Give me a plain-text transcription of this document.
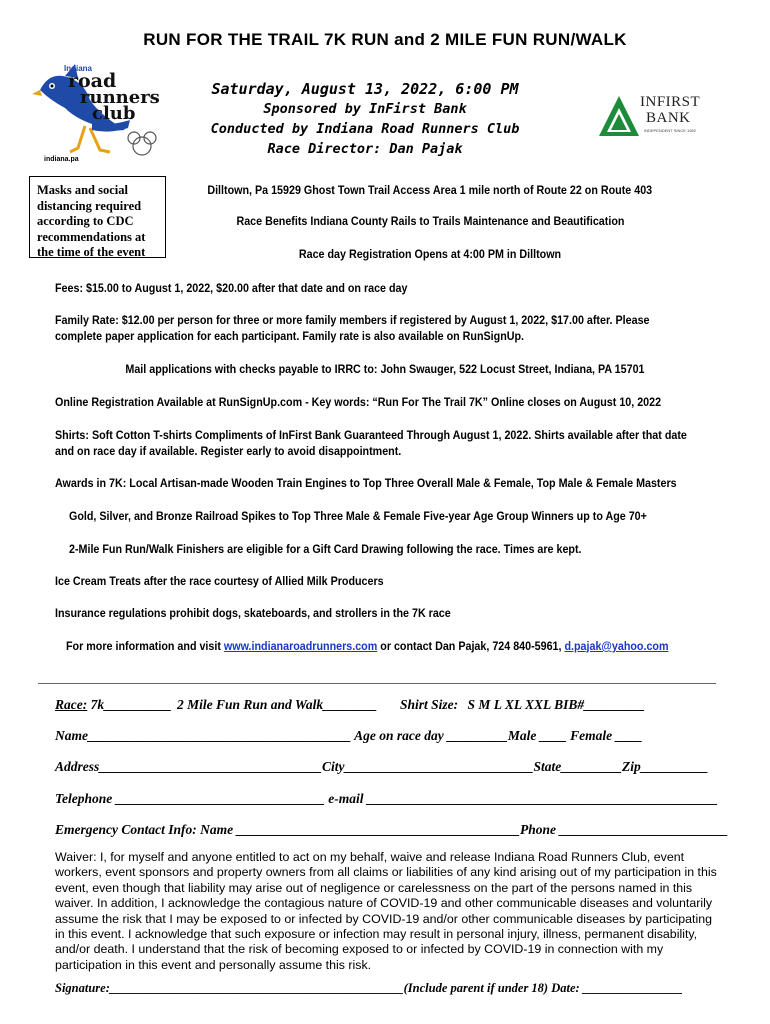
RUN FOR THE TRAIL 7K RUN and 2 MILE FUN RUN/WALK
Indiana
road
runners
club
indiana.pa
Saturday, August 13, 2022, 6:00 PM
Sponsored by InFirst Bank
Conducted by Indiana Road Runners Club
Race Director: Dan Pajak
INFIRST
BANK
INDEPENDENT SINCE 1982
Masks and social distancing required according to CDC recommendations at the time of the event
Dilltown, Pa 15929 Ghost Town Trail Access Area 1 mile north of Route 22 on Route 403
Race Benefits Indiana County Rails to Trails Maintenance and Beautification
Race day Registration Opens at 4:00 PM in Dilltown
Fees: $15.00 to August 1, 2022, $20.00 after that date and on race day
Family Rate: $12.00 per person for three or more family members if registered by August 1, 2022, $17.00 after. Please complete paper application for each participant. Family rate is also available on RunSignUp.
Mail applications with checks payable to IRRC to: John Swauger, 522 Locust Street, Indiana, PA 15701
Online Registration Available at RunSignUp.com - Key words: “Run For The Trail 7K” Online closes on August 10, 2022
Shirts: Soft Cotton T-shirts Compliments of InFirst Bank Guaranteed Through August 1, 2022. Shirts available after that date and on race day if available. Register early to avoid disappointment.
Awards in 7K: Local Artisan-made Wooden Train Engines to Top Three Overall Male & Female, Top Male & Female Masters
Gold, Silver, and Bronze Railroad Spikes to Top Three Male & Female Five-year Age Group Winners up to Age 70+
2-Mile Fun Run/Walk Finishers are eligible for a Gift Card Drawing following the race. Times are kept.
Ice Cream Treats after the race courtesy of Allied Milk Producers
Insurance regulations prohibit dogs, skateboards, and strollers in the 7K race
For more information and visit www.indianaroadrunners.com or contact Dan Pajak, 724 840-5961, d.pajak@yahoo.com
Race: 7k__________ 2 Mile Fun Run and Walk________ Shirt Size: S M L XL XXL BIB#_________
Name_______________________________________ Age on race day _________Male ____ Female ____
Address_________________________________City____________________________State_________Zip__________
Telephone _______________________________ e-mail ____________________________________________________
Emergency Contact Info: Name __________________________________________Phone _________________________
Waiver: I, for myself and anyone entitled to act on my behalf, waive and release Indiana Road Runners Club, event workers, event sponsors and property owners from all claims or liabilities of any kind arising out of my participation in this event, even though that liability may arise out of negligence or carelessness on the part of the persons named in this waiver. In addition, I acknowledge the contagious nature of COVID-19 and other communicable diseases and voluntarily assume the risk that I may be exposed to or infected by COVID-19 and/or other communicable diseases by participating in this event. I acknowledge that such exposure or infection may result in personal injury, illness, permanent disability, and/or death. I understand that the risk of becoming exposed to or infected by COVID-19 in connection with my participation in this event and personally assume this risk.
Signature:_______________________________________________(Include parent if under 18) Date: ________________
